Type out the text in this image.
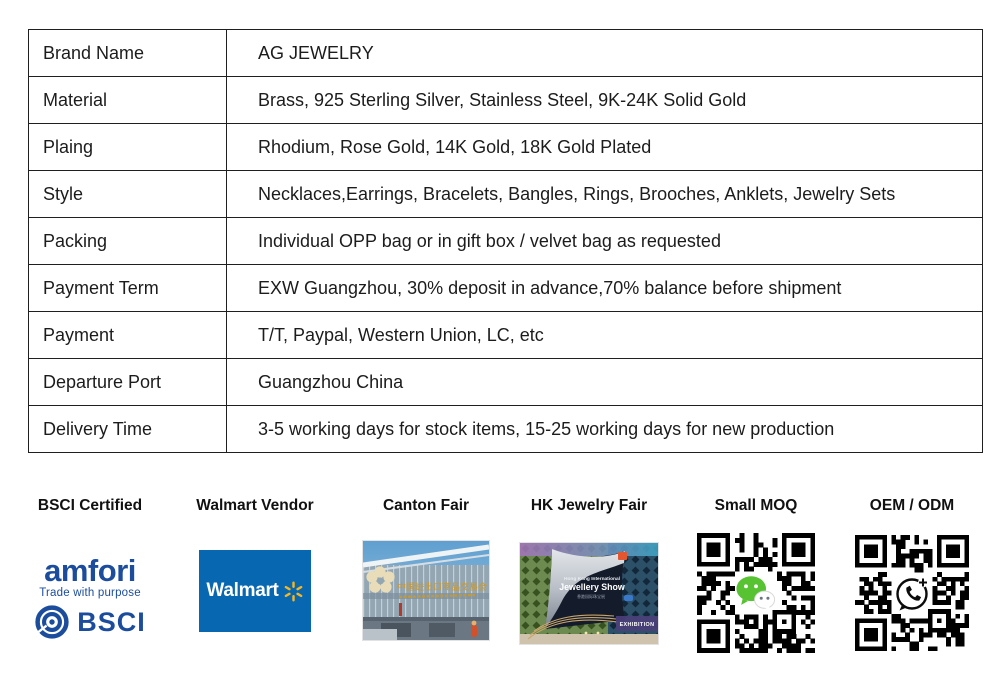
Brand Name	AG JEWELRY
Material	Brass, 925 Sterling Silver, Stainless Steel, 9K-24K Solid Gold
Plaing	Rhodium, Rose Gold, 14K Gold, 18K Gold Plated
Style	Necklaces,Earrings, Bracelets, Bangles, Rings, Brooches, Anklets, Jewelry Sets
Packing	Individual OPP bag or in gift box / velvet bag as requested
Payment Term	EXW Guangzhou, 30% deposit in advance,70% balance before shipment
Payment	T/T, Paypal, Western Union, LC, etc
Departure Port	Guangzhou China
Delivery Time	3-5 working days for stock items, 15-25 working days for new production
BSCI Certified
amfori
Trade with purpose
BSCI
Walmart Vendor
Walmart
Canton Fair
中国进出口商品交易会
HK Jewelry Fair
Hong Kong International
Jewellery Show
香港国际珠宝展
EXHIBITION
Small MOQ	OEM / ODM
